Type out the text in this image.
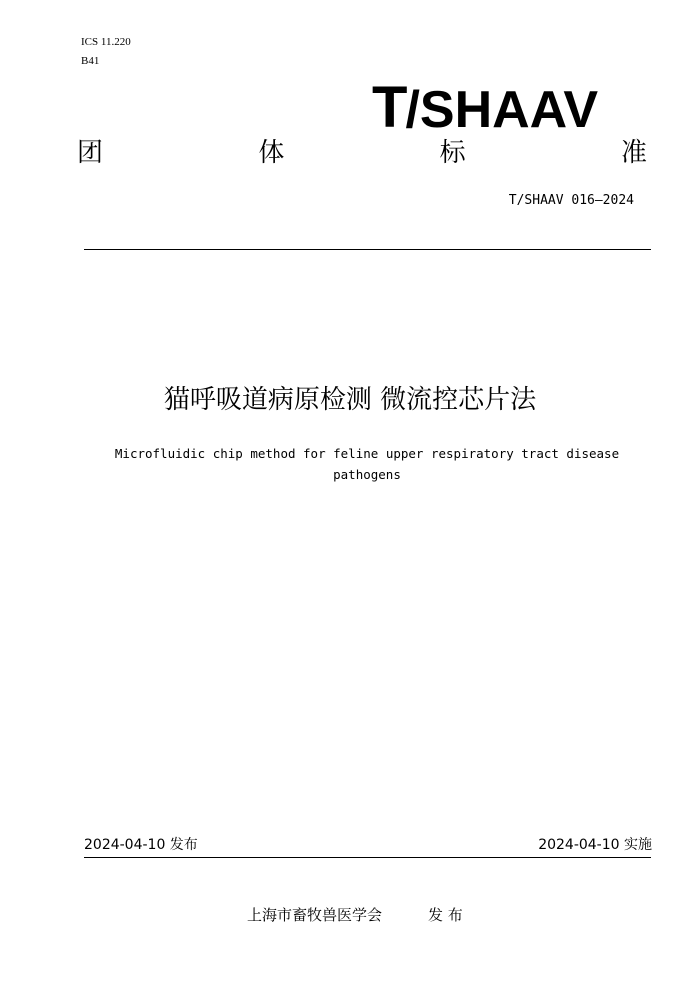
ICS 11.220
B41
T/SHAAV
团	体	标	准
T/SHAAV 016—2024
猫呼吸道病原检测 微流控芯片法
Microfluidic chip method for feline upper respiratory tract disease pathogens
2024-04-10 发布	2024-04-10 实施
上海市畜牧兽医学会	发 布
